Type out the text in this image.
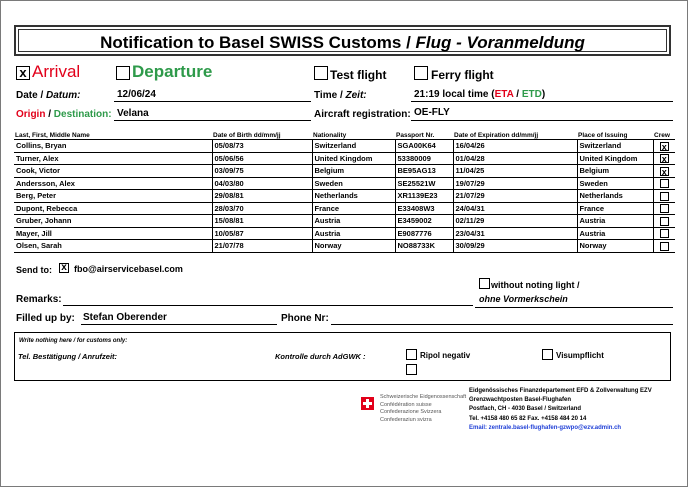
Notification to Basel SWISS Customs / Flug - Voranmeldung
x Arrival	Departure	Test flight	Ferry flight
Date / Datum:	12/06/24	Time / Zeit:	21:19 local time (ETA / ETD)
Origin / Destination: Velana	Aircraft registration: OE-FLY
Last, First, Middle Name	Date of Birth dd/mm/jj	Nationality	Passport Nr.	Date of Expiration dd/mm/jj	Place of Issuing	Crew
Collins, Bryan	05/08/73	Switzerland	SGA00K64	16/04/26	Switzerland	x
Turner, Alex	05/06/56	United Kingdom	53380009	01/04/28	United Kingdom	x
Cook, Victor	03/09/75	Belgium	BE95AG13	11/04/25	Belgium	x
Andersson, Alex	04/03/80	Sweden	SE25521W	19/07/29	Sweden	
Berg, Peter	29/08/81	Netherlands	XR1139E23	21/07/29	Netherlands	
Dupont, Rebecca	28/03/70	France	E33408W3	24/04/31	France	
Gruber, Johann	15/08/81	Austria	E3459002	02/11/29	Austria	
Mayer, Jill	10/05/87	Austria	E9087776	23/04/31	Austria	
Olsen, Sarah	21/07/78	Norway	NO88733K	30/09/29	Norway	
Send to: x fbo@airservicebasel.com
without noting light /
ohne Vormerkschein
Remarks:
Filled up by: Stefan Oberender	Phone Nr:
Write nothing here / for customs only:
Tel. Bestätigung / Anrufzeit:	Kontrolle durch AdGWK :	Ripol negativ	Visumpflicht
Schweizerische Eidgenossenschaft
Confédération suisse
Confederazione Svizzera
Confederaziun svizra
Eidgenössisches Finanzdepartement EFD & Zollverwaltung EZV
Grenzwachtposten Basel-Flughafen
Postfach, CH - 4030 Basel / Switzerland
Tel. +4158 480 65 82 Fax. +4158 484 20 14
Email: zentrale.basel-flughafen-gzwpo@ezv.admin.ch
